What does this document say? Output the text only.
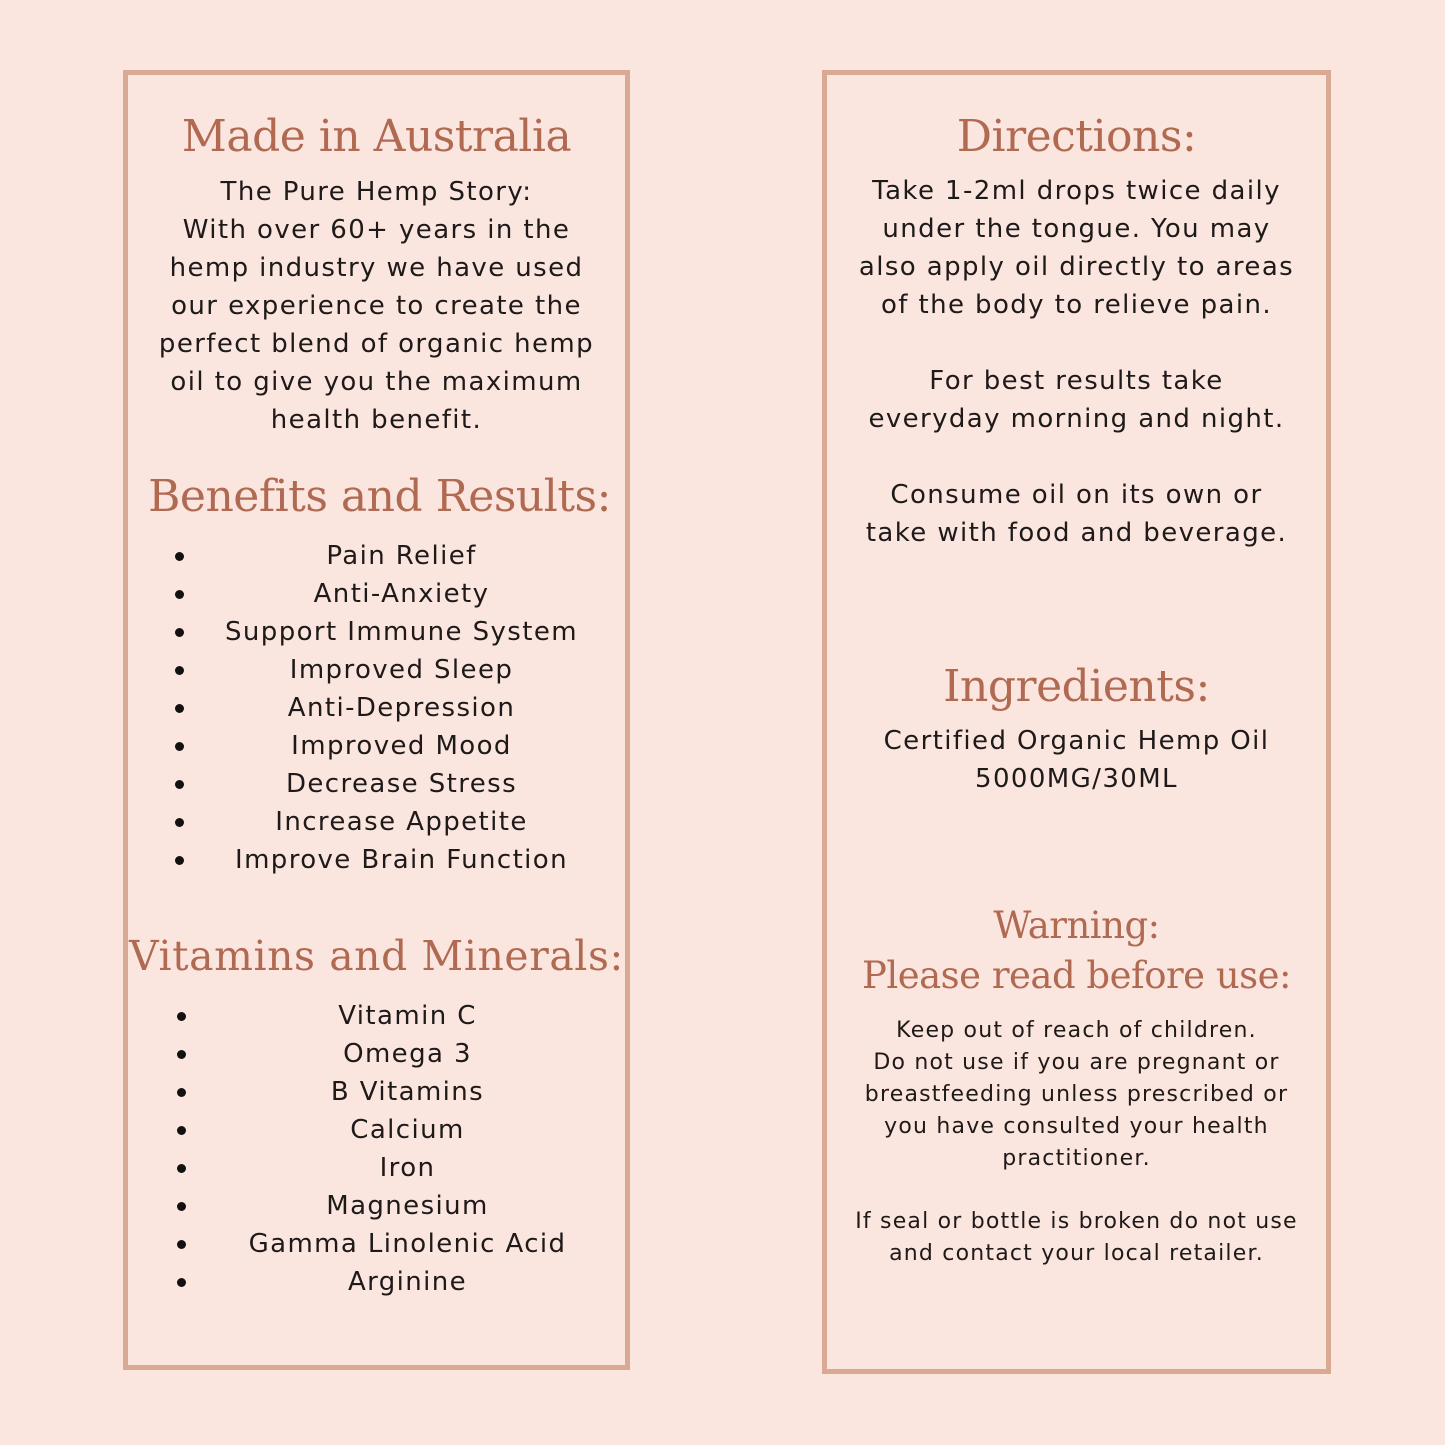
Made in Australia
The Pure Hemp Story:
With over 60+ years in the
hemp industry we have used
our experience to create the
perfect blend of organic hemp
oil to give you the maximum
health benefit.
Benefits and Results:
Pain Relief
Anti-Anxiety
Support Immune System
Improved Sleep
Anti-Depression
Improved Mood
Decrease Stress
Increase Appetite
Improve Brain Function
Vitamins and Minerals:
Vitamin C
Omega 3
B Vitamins
Calcium
Iron
Magnesium
Gamma Linolenic Acid
Arginine
Directions:
Take 1-2ml drops twice daily
under the tongue. You may
also apply oil directly to areas
of the body to relieve pain.
For best results take
everyday morning and night.
Consume oil on its own or
take with food and beverage.
Ingredients:
Certified Organic Hemp Oil
5000MG/30ML
Warning:
Please read before use:
Keep out of reach of children.
Do not use if you are pregnant or
breastfeeding unless prescribed or
you have consulted your health
practitioner.
If seal or bottle is broken do not use
and contact your local retailer.
